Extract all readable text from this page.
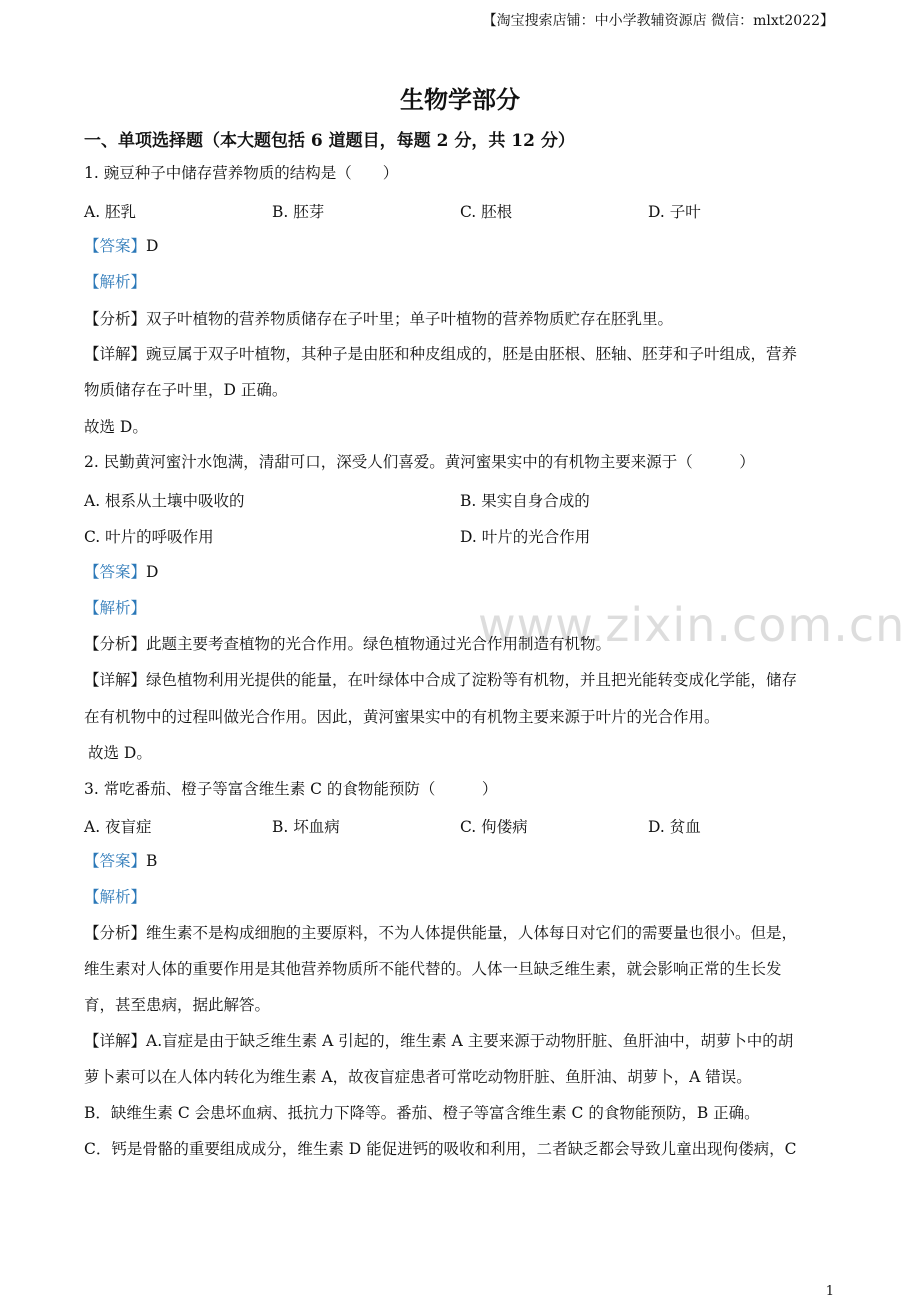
【淘宝搜索店铺：中小学教辅资源店 微信：mlxt2022】
生物学部分
一、单项选择题（本大题包括 6 道题目，每题 2 分，共 12 分）
1. 豌豆种子中储存营养物质的结构是（　　）
A. 胚乳	B. 胚芽	C. 胚根	D. 子叶
【答案】D
【解析】
【分析】双子叶植物的营养物质储存在子叶里；单子叶植物的营养物质贮存在胚乳里。
【详解】豌豆属于双子叶植物，其种子是由胚和种皮组成的，胚是由胚根、胚轴、胚芽和子叶组成，营养
物质储存在子叶里，D 正确。
故选 D。
2. 民勤黄河蜜汁水饱满，清甜可口，深受人们喜爱。黄河蜜果实中的有机物主要来源于（　　　）
A. 根系从土壤中吸收的	B. 果实自身合成的
C. 叶片的呼吸作用	D. 叶片的光合作用
【答案】D
【解析】	www.zixin.com.cn
【分析】此题主要考查植物的光合作用。绿色植物通过光合作用制造有机物。
【详解】绿色植物利用光提供的能量，在叶绿体中合成了淀粉等有机物，并且把光能转变成化学能，储存
在有机物中的过程叫做光合作用。因此，黄河蜜果实中的有机物主要来源于叶片的光合作用。
故选 D。
3. 常吃番茄、橙子等富含维生素 C 的食物能预防（　　　）
A. 夜盲症	B. 坏血病	C. 佝偻病	D. 贫血
【答案】B
【解析】
【分析】维生素不是构成细胞的主要原料，不为人体提供能量，人体每日对它们的需要量也很小。但是，
维生素对人体的重要作用是其他营养物质所不能代替的。人体一旦缺乏维生素，就会影响正常的生长发
育，甚至患病，据此解答。
【详解】A.盲症是由于缺乏维生素 A 引起的，维生素 A 主要来源于动物肝脏、鱼肝油中，胡萝卜中的胡
萝卜素可以在人体内转化为维生素 A，故夜盲症患者可常吃动物肝脏、鱼肝油、胡萝卜，A 错误。
B．缺维生素 C 会患坏血病、抵抗力下降等。番茄、橙子等富含维生素 C 的食物能预防，B 正确。
C．钙是骨骼的重要组成成分，维生素 D 能促进钙的吸收和利用，二者缺乏都会导致儿童出现佝偻病，C
1
